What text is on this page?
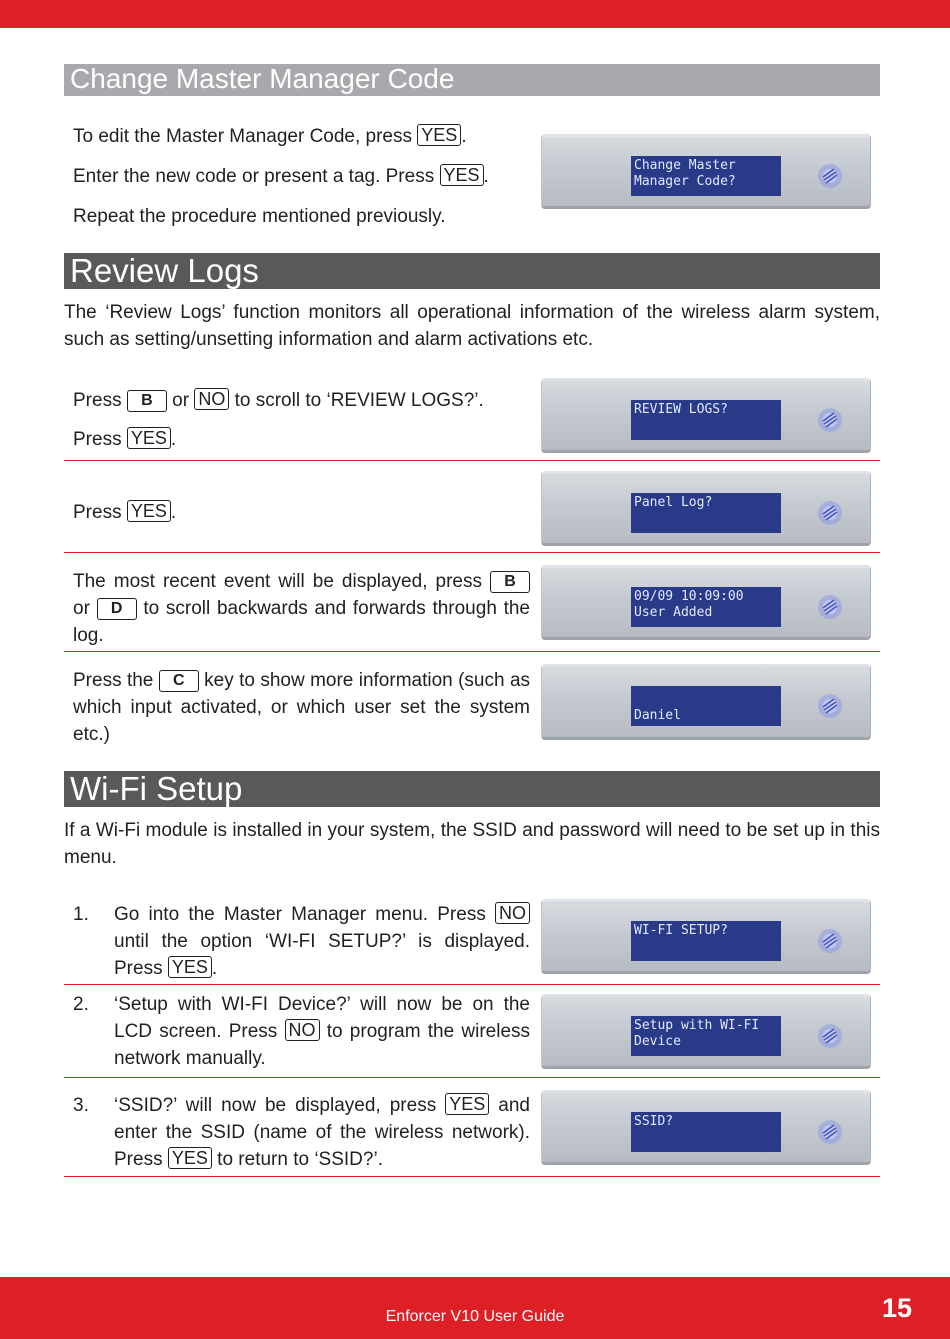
Change Master Manager Code
To edit the Master Manager Code, press YES .
Enter the new code or present a tag. Press YES .
Repeat the procedure mentioned previously.
Change Master
Manager Code?
Review Logs
The ‘Review Logs’ function monitors all operational information of the wireless alarm system, such as setting/unsetting information and alarm activations etc.
Press B or NO to scroll to ‘REVIEW LOGS?’.
Press YES .
REVIEW LOGS?
Press YES .	Panel Log?
The most recent event will be displayed, press B or D to scroll backwards and forwards through the log.
09/09 10:09:00
User Added
Press the C key to show more information (such as which input activated, or which user set the system etc.)
Daniel
Wi-Fi Setup
If a Wi-Fi module is installed in your system, the SSID and password will need to be set up in this menu.
1. Go into the Master Manager menu. Press NO until the option ‘WI-FI SETUP?’ is displayed. Press YES .
WI-FI SETUP?
2. ‘Setup with WI-FI Device?’ will now be on the LCD screen. Press NO to program the wireless network manually.
Setup with WI-FI
Device
3. ‘SSID?’ will now be displayed, press YES and enter the SSID (name of the wireless network). Press YES to return to ‘SSID?’.
SSID?
Enforcer V10 User Guide	15
